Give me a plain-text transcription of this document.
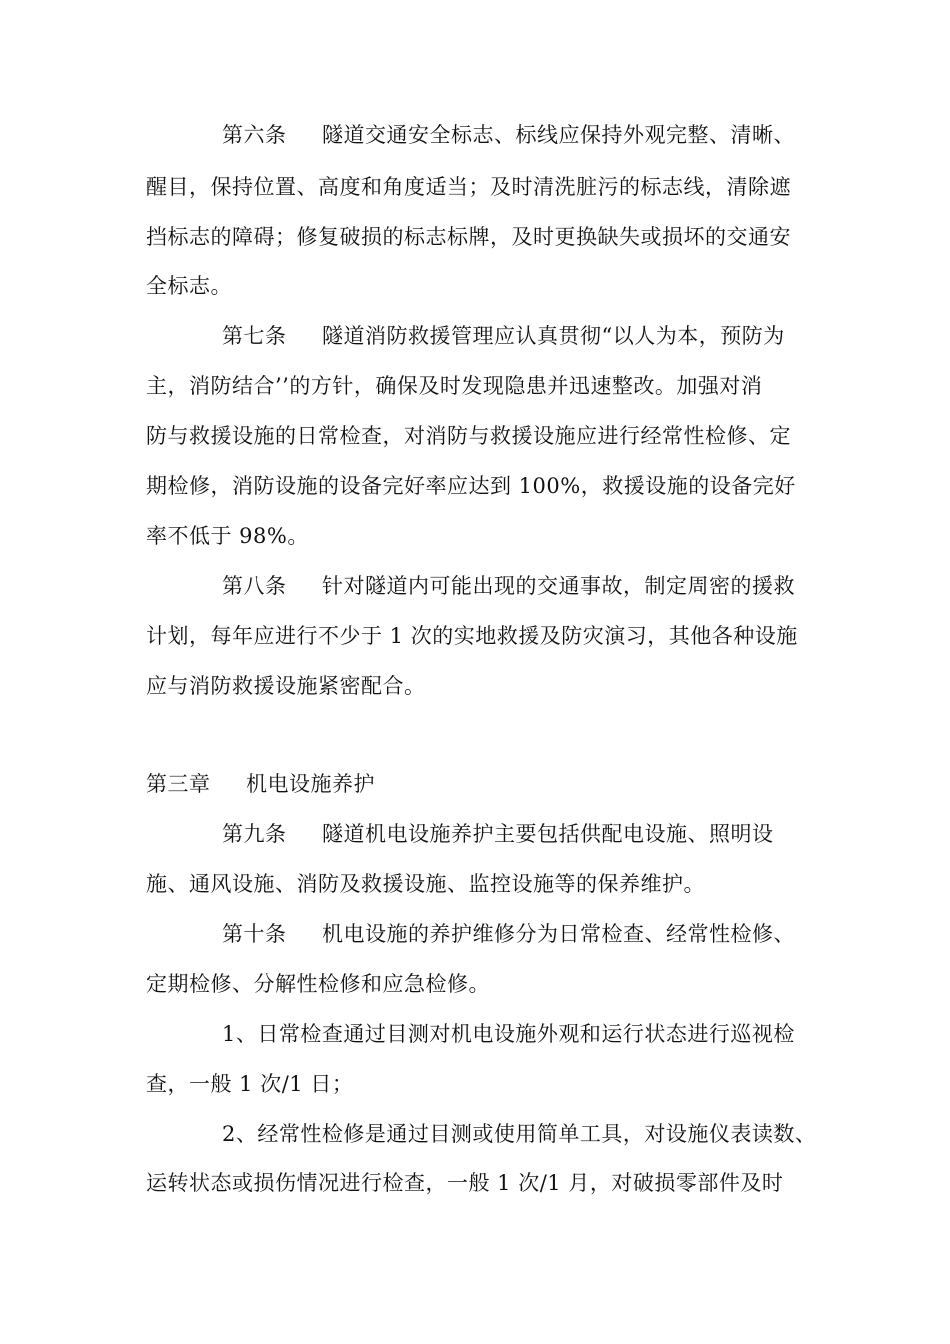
第六条 隧道交通安全标志、标线应保持外观完整、清晰、
醒目，保持位置、高度和角度适当；及时清洗脏污的标志线，清除遮
挡标志的障碍；修复破损的标志标牌，及时更换缺失或损坏的交通安
全标志。
第七条 隧道消防救援管理应认真贯彻“以人为本，预防为
主，消防结合’’的方针，确保及时发现隐患并迅速整改。加强对消
防与救援设施的日常检查，对消防与救援设施应进行经常性检修、定
期检修，消防设施的设备完好率应达到 100%，救援设施的设备完好
率不低于 98%。
第八条 针对隧道内可能出现的交通事故，制定周密的援救
计划，每年应进行不少于 1 次的实地救援及防灾演习，其他各种设施
应与消防救援设施紧密配合。
第三章 机电设施养护
第九条 隧道机电设施养护主要包括供配电设施、照明设
施、通风设施、消防及救援设施、监控设施等的保养维护。
第十条 机电设施的养护维修分为日常检查、经常性检修、
定期检修、分解性检修和应急检修。
1、日常检查通过目测对机电设施外观和运行状态进行巡视检
查，一般 1 次/1 日；
2、经常性检修是通过目测或使用简单工具，对设施仪表读数、
运转状态或损伤情况进行检查，一般 1 次/1 月，对破损零部件及时
